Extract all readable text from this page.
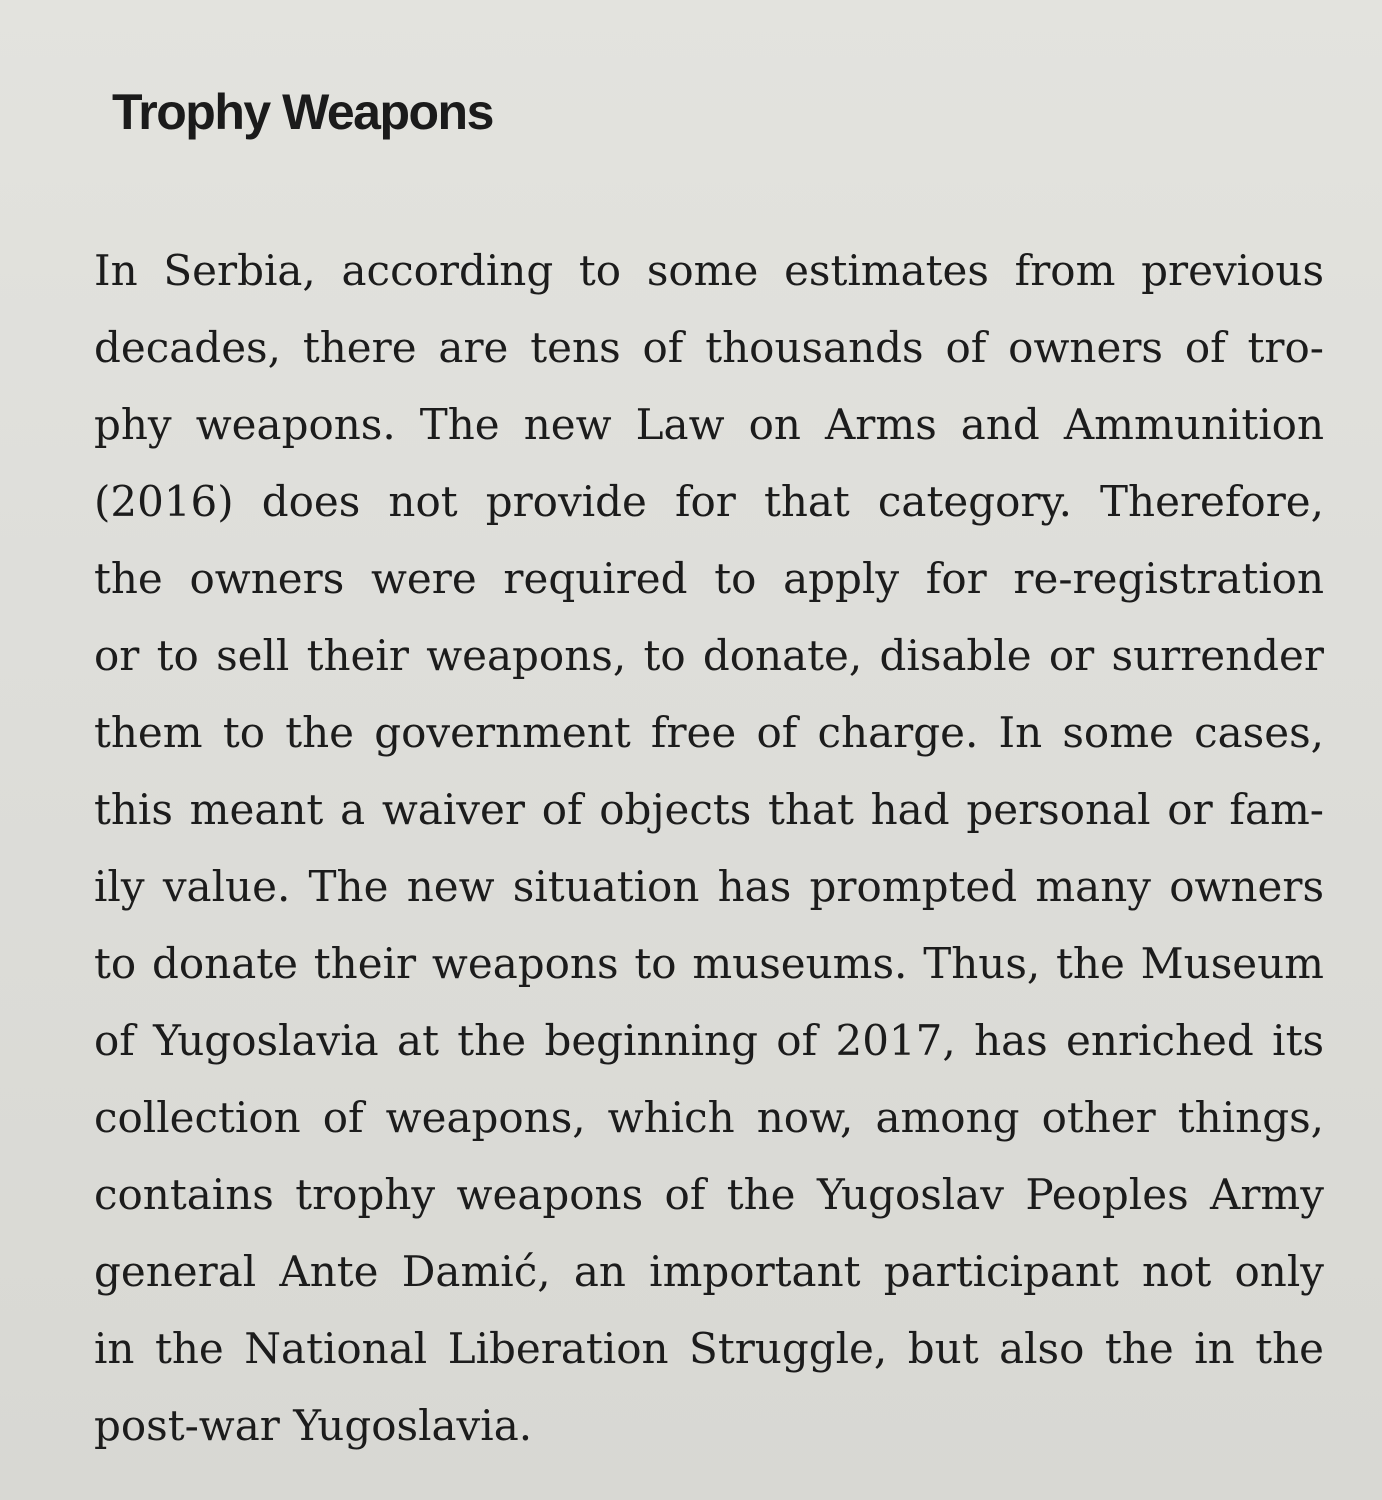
Trophy Weapons
In Serbia, according to some estimates from previous
decades, there are tens of thousands of owners of tro-
phy weapons. The new Law on Arms and Ammunition
(2016) does not provide for that category. Therefore,
the owners were required to apply for re-registration
or to sell their weapons, to donate, disable or surrender
them to the government free of charge. In some cases,
this meant a waiver of objects that had personal or fam-
ily value. The new situation has prompted many owners
to donate their weapons to museums. Thus, the Museum
of Yugoslavia at the beginning of 2017, has enriched its
collection of weapons, which now, among other things,
contains trophy weapons of the Yugoslav Peoples Army
general Ante Damić, an important participant not only
in the National Liberation Struggle, but also the in the
post-war Yugoslavia.
